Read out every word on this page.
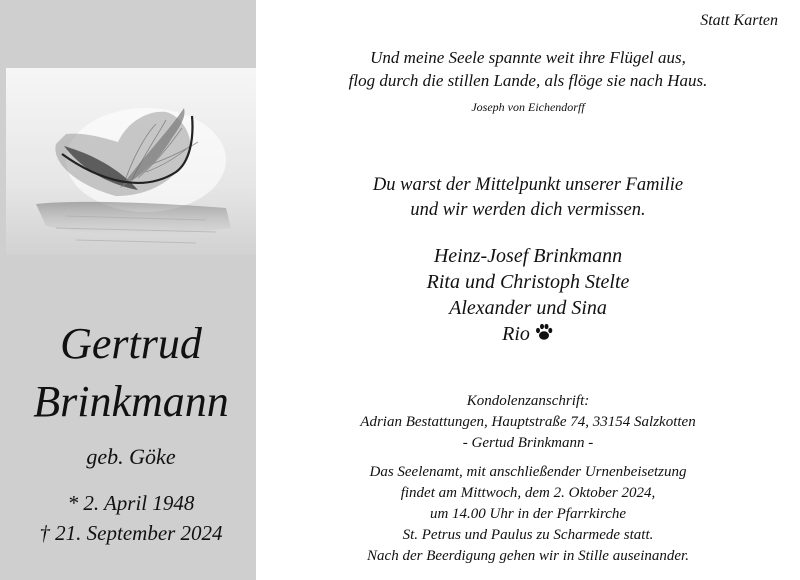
Gertrud
Brinkmann
geb. Göke
* 2. April 1948
† 21. September 2024
Statt Karten
Und meine Seele spannte weit ihre Flügel aus,
flog durch die stillen Lande, als flöge sie nach Haus.
Joseph von Eichendorff
Du warst der Mittelpunkt unserer Familie
und wir werden dich vermissen.
Heinz-Josef Brinkmann
Rita und Christoph Stelte
Alexander und Sina
Rio
Kondolenzanschrift:
Adrian Bestattungen, Hauptstraße 74, 33154 Salzkotten
- Gertud Brinkmann -
Das Seelenamt, mit anschließender Urnenbeisetzung
findet am Mittwoch, dem 2. Oktober 2024,
um 14.00 Uhr in der Pfarrkirche
St. Petrus und Paulus zu Scharmede statt.
Nach der Beerdigung gehen wir in Stille auseinander.
